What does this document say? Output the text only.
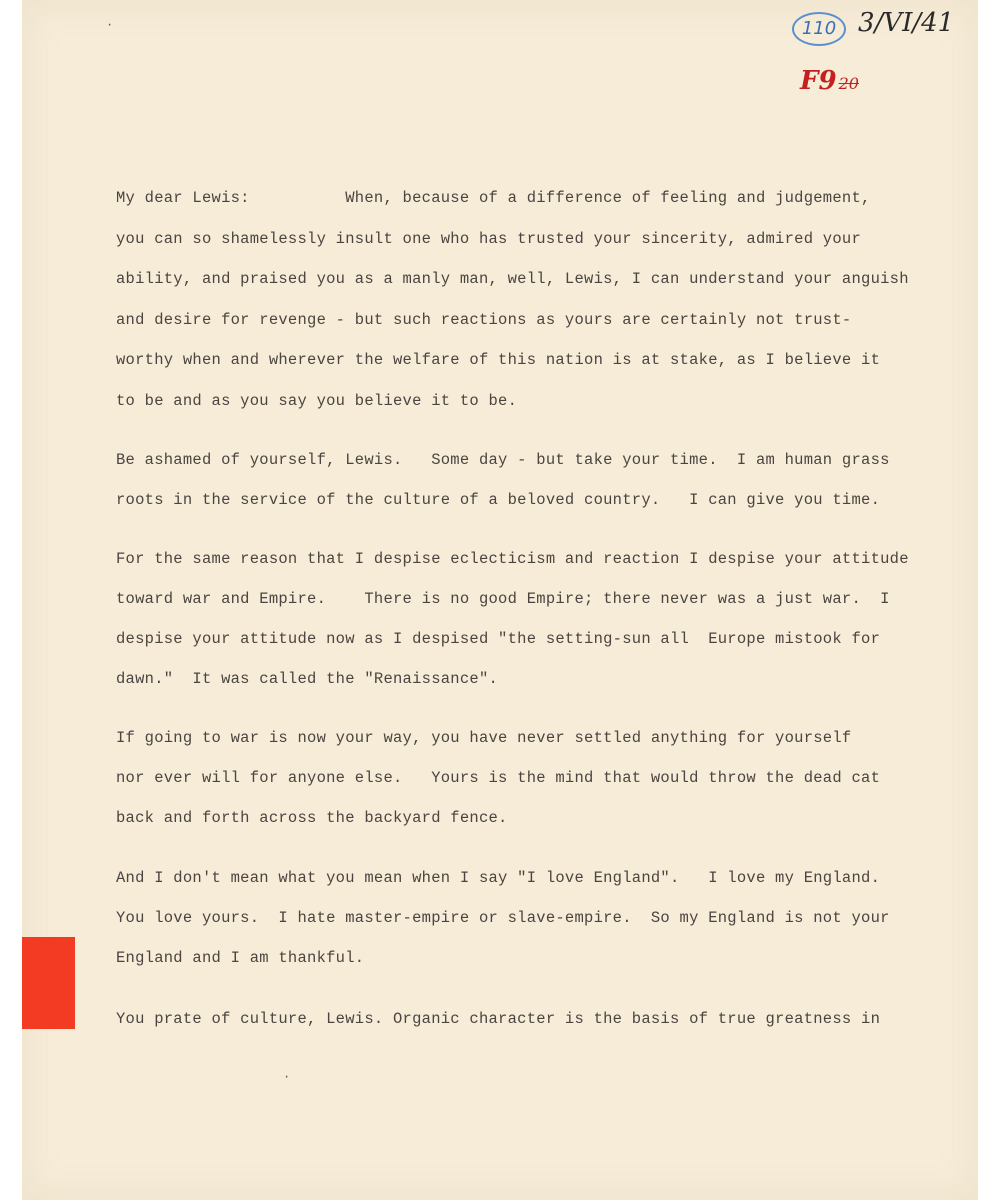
110 3/VI/41
F9 20
My dear Lewis:          When, because of a difference of feeling and judgement,
you can so shamelessly insult one who has trusted your sincerity, admired your
ability, and praised you as a manly man, well, Lewis, I can understand your anguish
and desire for revenge - but such reactions as yours are certainly not trust-
worthy when and wherever the welfare of this nation is at stake, as I believe it
to be and as you say you believe it to be.
Be ashamed of yourself, Lewis.   Some day - but take your time.  I am human grass
roots in the service of the culture of a beloved country.   I can give you time.
For the same reason that I despise eclecticism and reaction I despise your attitude
toward war and Empire.    There is no good Empire; there never was a just war.  I
despise your attitude now as I despised "the setting-sun all  Europe mistook for
dawn."  It was called the "Renaissance".
If going to war is now your way, you have never settled anything for yourself
nor ever will for anyone else.   Yours is the mind that would throw the dead cat
back and forth across the backyard fence.
And I don't mean what you mean when I say "I love England".   I love my England.
You love yours.  I hate master-empire or slave-empire.  So my England is not your
England and I am thankful.
You prate of culture, Lewis. Organic character is the basis of true greatness in
·
·
